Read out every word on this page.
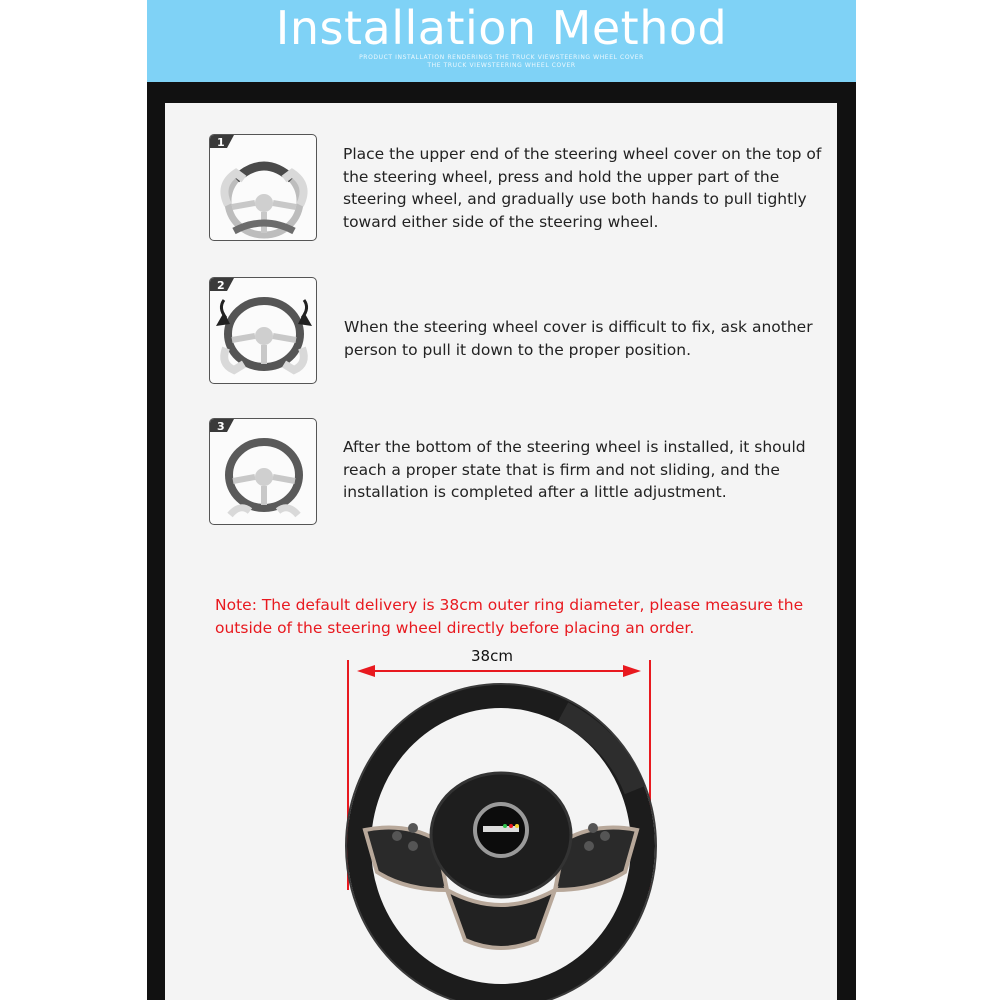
Installation Method
PRODUCT INSTALLATION RENDERINGS THE TRUCK VIEWSTEERING WHEEL COVER
THE TRUCK VIEWSTEERING WHEEL COVER
1
Place the upper end of the steering wheel cover on the top of the steering wheel, press and hold the upper part of the steering wheel, and gradually use both hands to pull tightly toward either side of the steering wheel.
2
When the steering wheel cover is difficult to fix, ask another person to pull it down to the proper position.
3
After the bottom of the steering wheel is installed, it should reach a proper state that is firm and not sliding, and the installation is completed after a little adjustment.
Note: The default delivery is 38cm outer ring diameter, please measure the outside of the steering wheel directly before placing an order.
38cm
